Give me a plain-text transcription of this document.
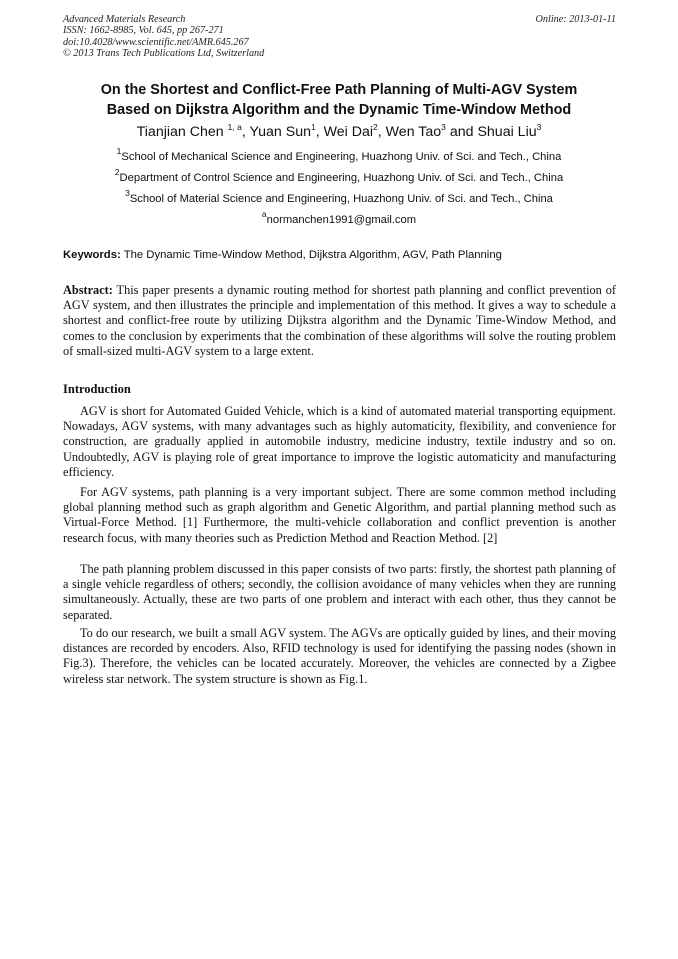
Advanced Materials Research
ISSN: 1662-8985, Vol. 645, pp 267-271
doi:10.4028/www.scientific.net/AMR.645.267
© 2013 Trans Tech Publications Ltd, Switzerland
Online: 2013-01-11
On the Shortest and Conflict-Free Path Planning of Multi-AGV System
Based on Dijkstra Algorithm and the Dynamic Time-Window Method
Tianjian Chen $^{1, a}$, Yuan Sun$^1$, Wei Dai$^2$, Wen Tao$^3$ and Shuai Liu$^3$
$^1$School of Mechanical Science and Engineering, Huazhong Univ. of Sci. and Tech., China
$^2$Department of Control Science and Engineering, Huazhong Univ. of Sci. and Tech., China
$^3$School of Material Science and Engineering, Huazhong Univ. of Sci. and Tech., China
$^a$normanchen1991@gmail.com
Keywords: The Dynamic Time-Window Method, Dijkstra Algorithm, AGV, Path Planning
Abstract: This paper presents a dynamic routing method for shortest path planning and conflict prevention of AGV system, and then illustrates the principle and implementation of this method. It gives a way to schedule a shortest and conflict-free route by utilizing Dijkstra algorithm and the Dynamic Time-Window Method, and comes to the conclusion by experiments that the combination of these algorithms will solve the routing problem of small-sized multi-AGV system to a large extent.
Introduction
AGV is short for Automated Guided Vehicle, which is a kind of automated material transporting equipment. Nowadays, AGV systems, with many advantages such as highly automaticity, flexibility, and convenience for construction, are gradually applied in automobile industry, medicine industry, textile industry and so on. Undoubtedly, AGV is playing role of great importance to improve the logistic automaticity and manufacturing efficiency.
For AGV systems, path planning is a very important subject. There are some common method including global planning method such as graph algorithm and Genetic Algorithm, and partial planning method such as Virtual-Force Method. [1] Furthermore, the multi-vehicle collaboration and conflict prevention is another research focus, with many theories such as Prediction Method and Reaction Method. [2]
The path planning problem discussed in this paper consists of two parts: firstly, the shortest path planning of a single vehicle regardless of others; secondly, the collision avoidance of many vehicles when they are running simultaneously. Actually, these are two parts of one problem and interact with each other, thus they cannot be separated.
To do our research, we built a small AGV system. The AGVs are optically guided by lines, and their moving distances are recorded by encoders. Also, RFID technology is used for identifying the passing nodes (shown in Fig.3). Therefore, the vehicles can be located accurately. Moreover, the vehicles are connected by a Zigbee wireless star network. The system structure is shown as Fig.1.
